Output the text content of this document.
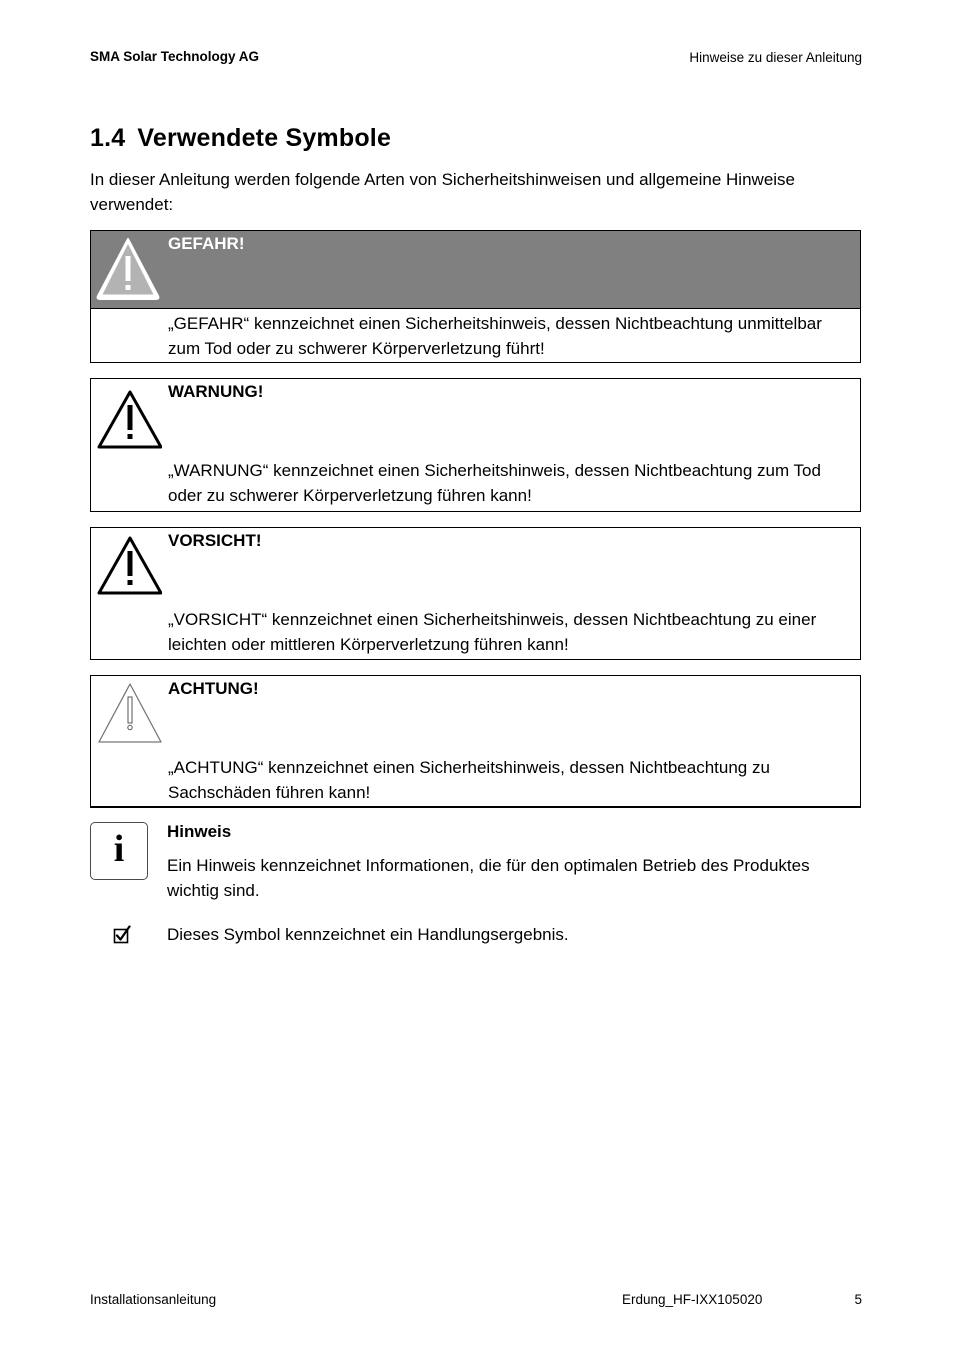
SMA Solar Technology AG	Hinweise zu dieser Anleitung
1.4 Verwendete Symbole

In dieser Anleitung werden folgende Arten von Sicherheitshinweisen und allgemeine Hinweise verwendet:

GEFAHR!

„GEFAHR“ kennzeichnet einen Sicherheitshinweis, dessen Nichtbeachtung unmittelbar zum Tod oder zu schwerer Körperverletzung führt!

WARNUNG!

„WARNUNG“ kennzeichnet einen Sicherheitshinweis, dessen Nichtbeachtung zum Tod oder zu schwerer Körperverletzung führen kann!

VORSICHT!

„VORSICHT“ kennzeichnet einen Sicherheitshinweis, dessen Nichtbeachtung zu einer leichten oder mittleren Körperverletzung führen kann!

ACHTUNG!

„ACHTUNG“ kennzeichnet einen Sicherheitshinweis, dessen Nichtbeachtung zu Sachschäden führen kann!

i	Hinweis

Ein Hinweis kennzeichnet Informationen, die für den optimalen Betrieb des Produktes wichtig sind.

Dieses Symbol kennzeichnet ein Handlungsergebnis.
Installationsanleitung	Erdung_HF-IXX105020	5
